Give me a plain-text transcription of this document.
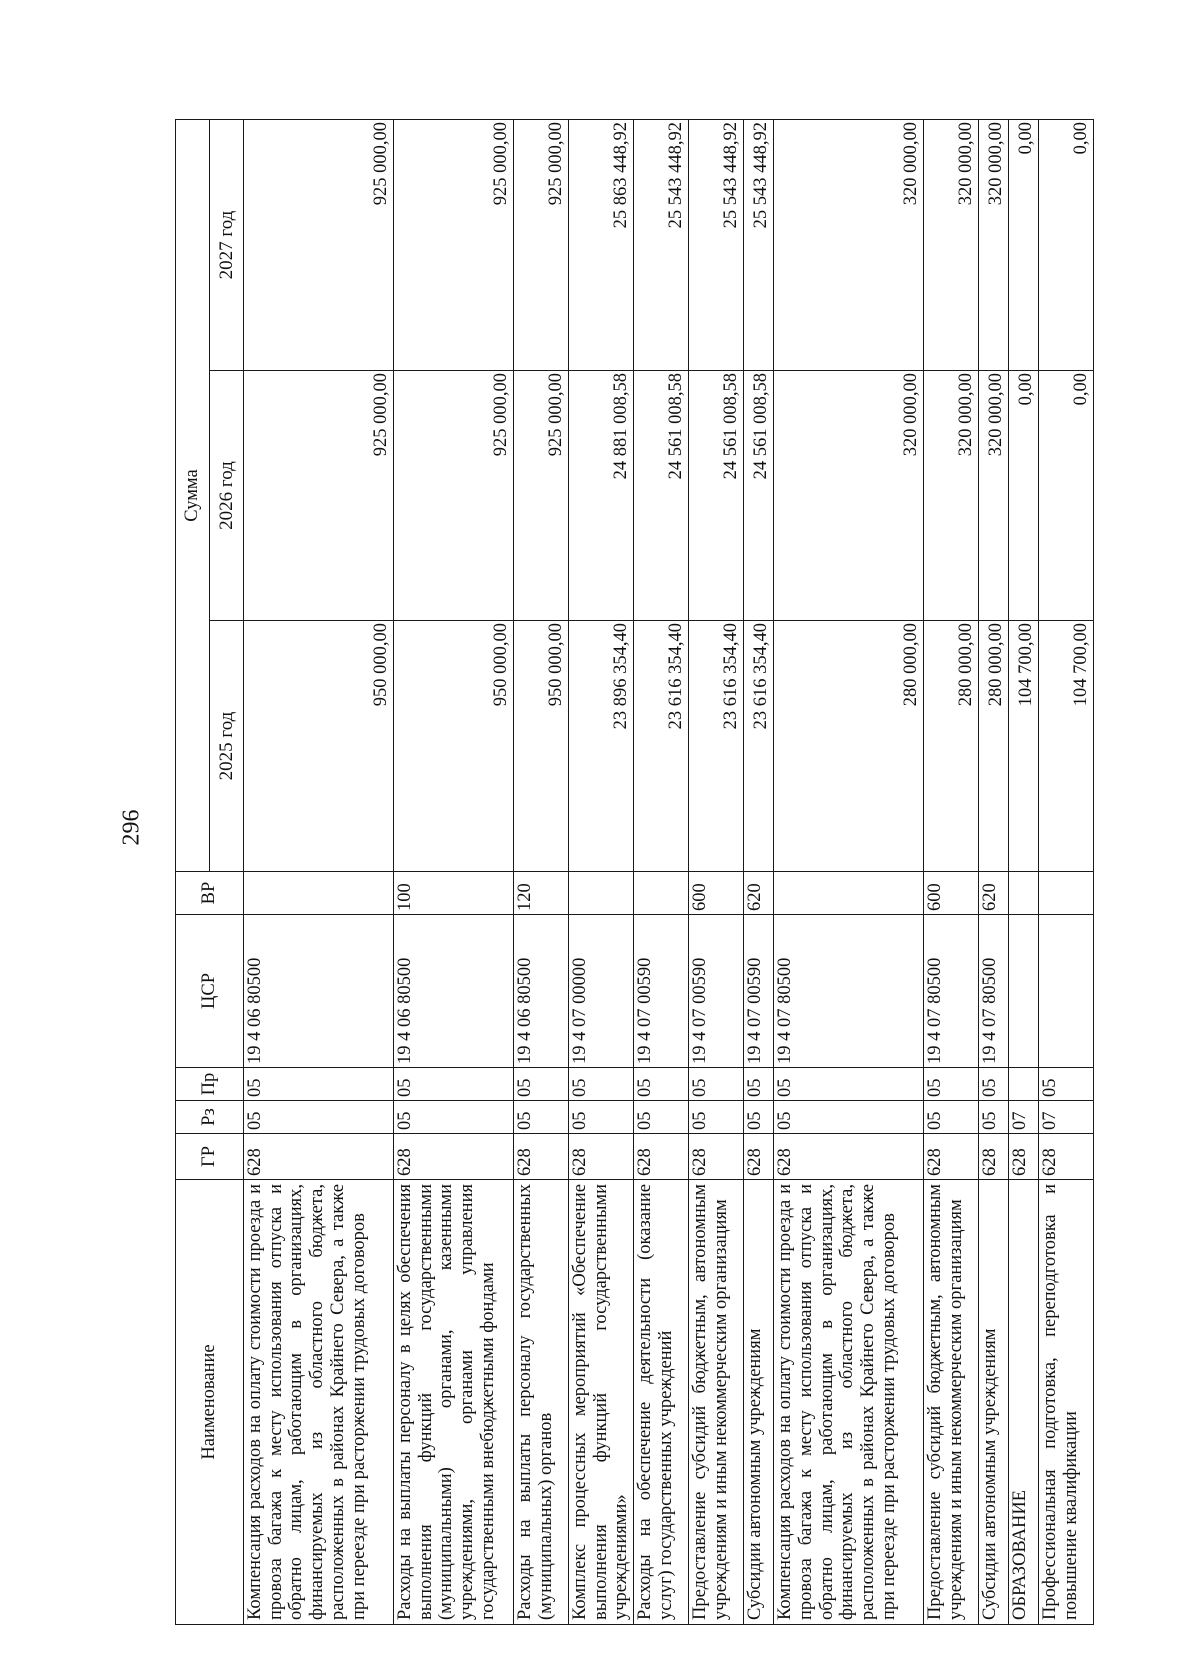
296
Наименование	ГР	Рз	Пр	ЦСР	ВР	Сумма		
						2025 год	2026 год	2027 год
Компенсация расходов на оплату стоимости проезда и провоза багажа к месту использования отпуска и обратно лицам, работающим в организациях, финансируемых из областного бюджета, расположенных в районах Крайнего Севера, а также при переезде при расторжении трудовых договоров	628	05	05	19 4 06 80500		950 000,00	925 000,00	925 000,00
Расходы на выплаты персоналу в целях обеспечения выполнения функций государственными (муниципальными) органами, казенными учреждениями, органами управления государственными внебюджетными фондами	628	05	05	19 4 06 80500	100	950 000,00	925 000,00	925 000,00
Расходы на выплаты персоналу государственных (муниципальных) органов	628	05	05	19 4 06 80500	120	950 000,00	925 000,00	925 000,00
Комплекс процессных мероприятий «Обеспечение выполнения функций государственными учреждениями»	628	05	05	19 4 07 00000		23 896 354,40	24 881 008,58	25 863 448,92
Расходы на обеспечение деятельности (оказание услуг) государственных учреждений	628	05	05	19 4 07 00590		23 616 354,40	24 561 008,58	25 543 448,92
Предоставление субсидий бюджетным, автономным учреждениям и иным некоммерческим организациям	628	05	05	19 4 07 00590	600	23 616 354,40	24 561 008,58	25 543 448,92
Субсидии автономным учреждениям	628	05	05	19 4 07 00590	620	23 616 354,40	24 561 008,58	25 543 448,92
Компенсация расходов на оплату стоимости проезда и провоза багажа к месту использования отпуска и обратно лицам, работающим в организациях, финансируемых из областного бюджета, расположенных в районах Крайнего Севера, а также при переезде при расторжении трудовых договоров	628	05	05	19 4 07 80500		280 000,00	320 000,00	320 000,00
Предоставление субсидий бюджетным, автономным учреждениям и иным некоммерческим организациям	628	05	05	19 4 07 80500	600	280 000,00	320 000,00	320 000,00
Субсидии автономным учреждениям	628	05	05	19 4 07 80500	620	280 000,00	320 000,00	320 000,00
ОБРАЗОВАНИЕ	628	07				104 700,00	0,00	0,00
Профессиональная подготовка, переподготовка и повышение квалификации	628	07	05			104 700,00	0,00	0,00
